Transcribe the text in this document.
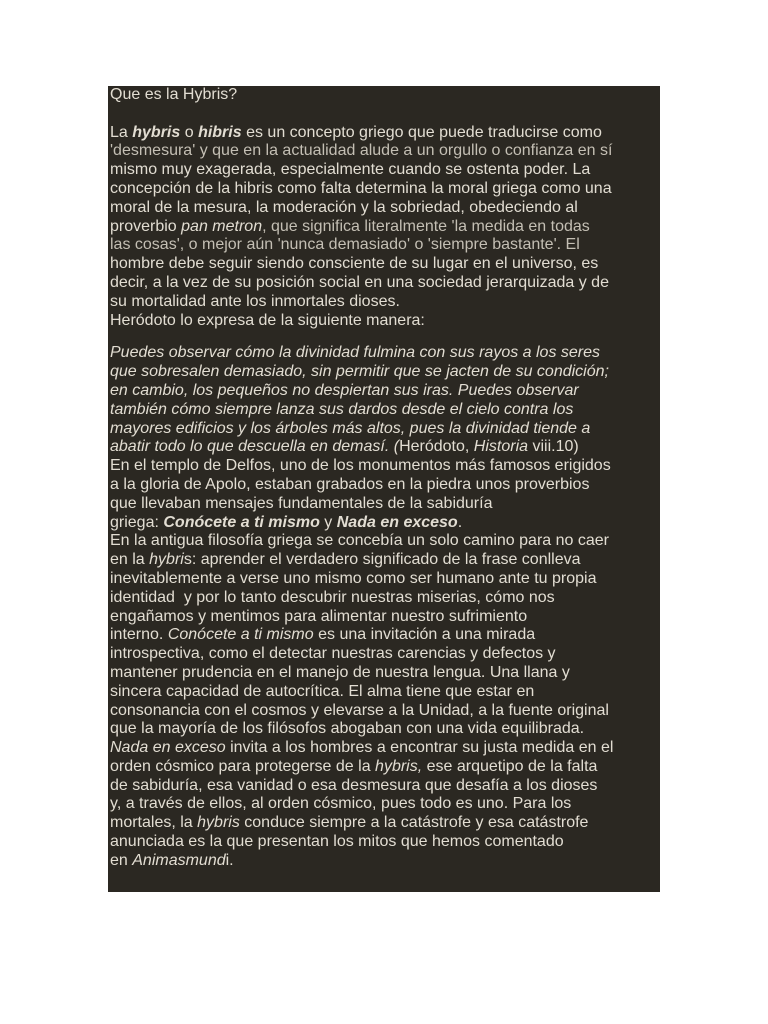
Que es la Hybris?

La hybris o hibris es un concepto griego que puede traducirse como

'desmesura' y que en la actualidad alude a un orgullo o confianza en sí

mismo muy exagerada, especialmente cuando se ostenta poder. La

concepción de la hibris como falta determina la moral griega como una

moral de la mesura, la moderación y la sobriedad, obedeciendo al

proverbio pan metron, que significa literalmente 'la medida en todas

las cosas', o mejor aún 'nunca demasiado' o 'siempre bastante'. El

hombre debe seguir siendo consciente de su lugar en el universo, es

decir, a la vez de su posición social en una sociedad jerarquizada y de

su mortalidad ante los inmortales dioses.

Heródoto lo expresa de la siguiente manera:

Puedes observar cómo la divinidad fulmina con sus rayos a los seres

que sobresalen demasiado, sin permitir que se jacten de su condición;

en cambio, los pequeños no despiertan sus iras. Puedes observar

también cómo siempre lanza sus dardos desde el cielo contra los

mayores edificios y los árboles más altos, pues la divinidad tiende a

abatir todo lo que descuella en demasí. (Heródoto, Historia viii.10)

En el templo de Delfos, uno de los monumentos más famosos erigidos

a la gloria de Apolo, estaban grabados en la piedra unos proverbios

que llevaban mensajes fundamentales de la sabiduría

griega: Conócete a ti mismo y Nada en exceso.

En la antigua filosofía griega se concebía un solo camino para no caer

en la hybris: aprender el verdadero significado de la frase conlleva

inevitablemente a verse uno mismo como ser humano ante tu propia

identidad  y por lo tanto descubrir nuestras miserias, cómo nos

engañamos y mentimos para alimentar nuestro sufrimiento

interno. Conócete a ti mismo es una invitación a una mirada

introspectiva, como el detectar nuestras carencias y defectos y

mantener prudencia en el manejo de nuestra lengua. Una llana y

sincera capacidad de autocrítica. El alma tiene que estar en

consonancia con el cosmos y elevarse a la Unidad, a la fuente original

que la mayoría de los filósofos abogaban con una vida equilibrada.

Nada en exceso invita a los hombres a encontrar su justa medida en el

orden cósmico para protegerse de la hybris, ese arquetipo de la falta

de sabiduría, esa vanidad o esa desmesura que desafía a los dioses

y, a través de ellos, al orden cósmico, pues todo es uno. Para los

mortales, la hybris conduce siempre a la catástrofe y esa catástrofe

anunciada es la que presentan los mitos que hemos comentado

en Animasmundi.
